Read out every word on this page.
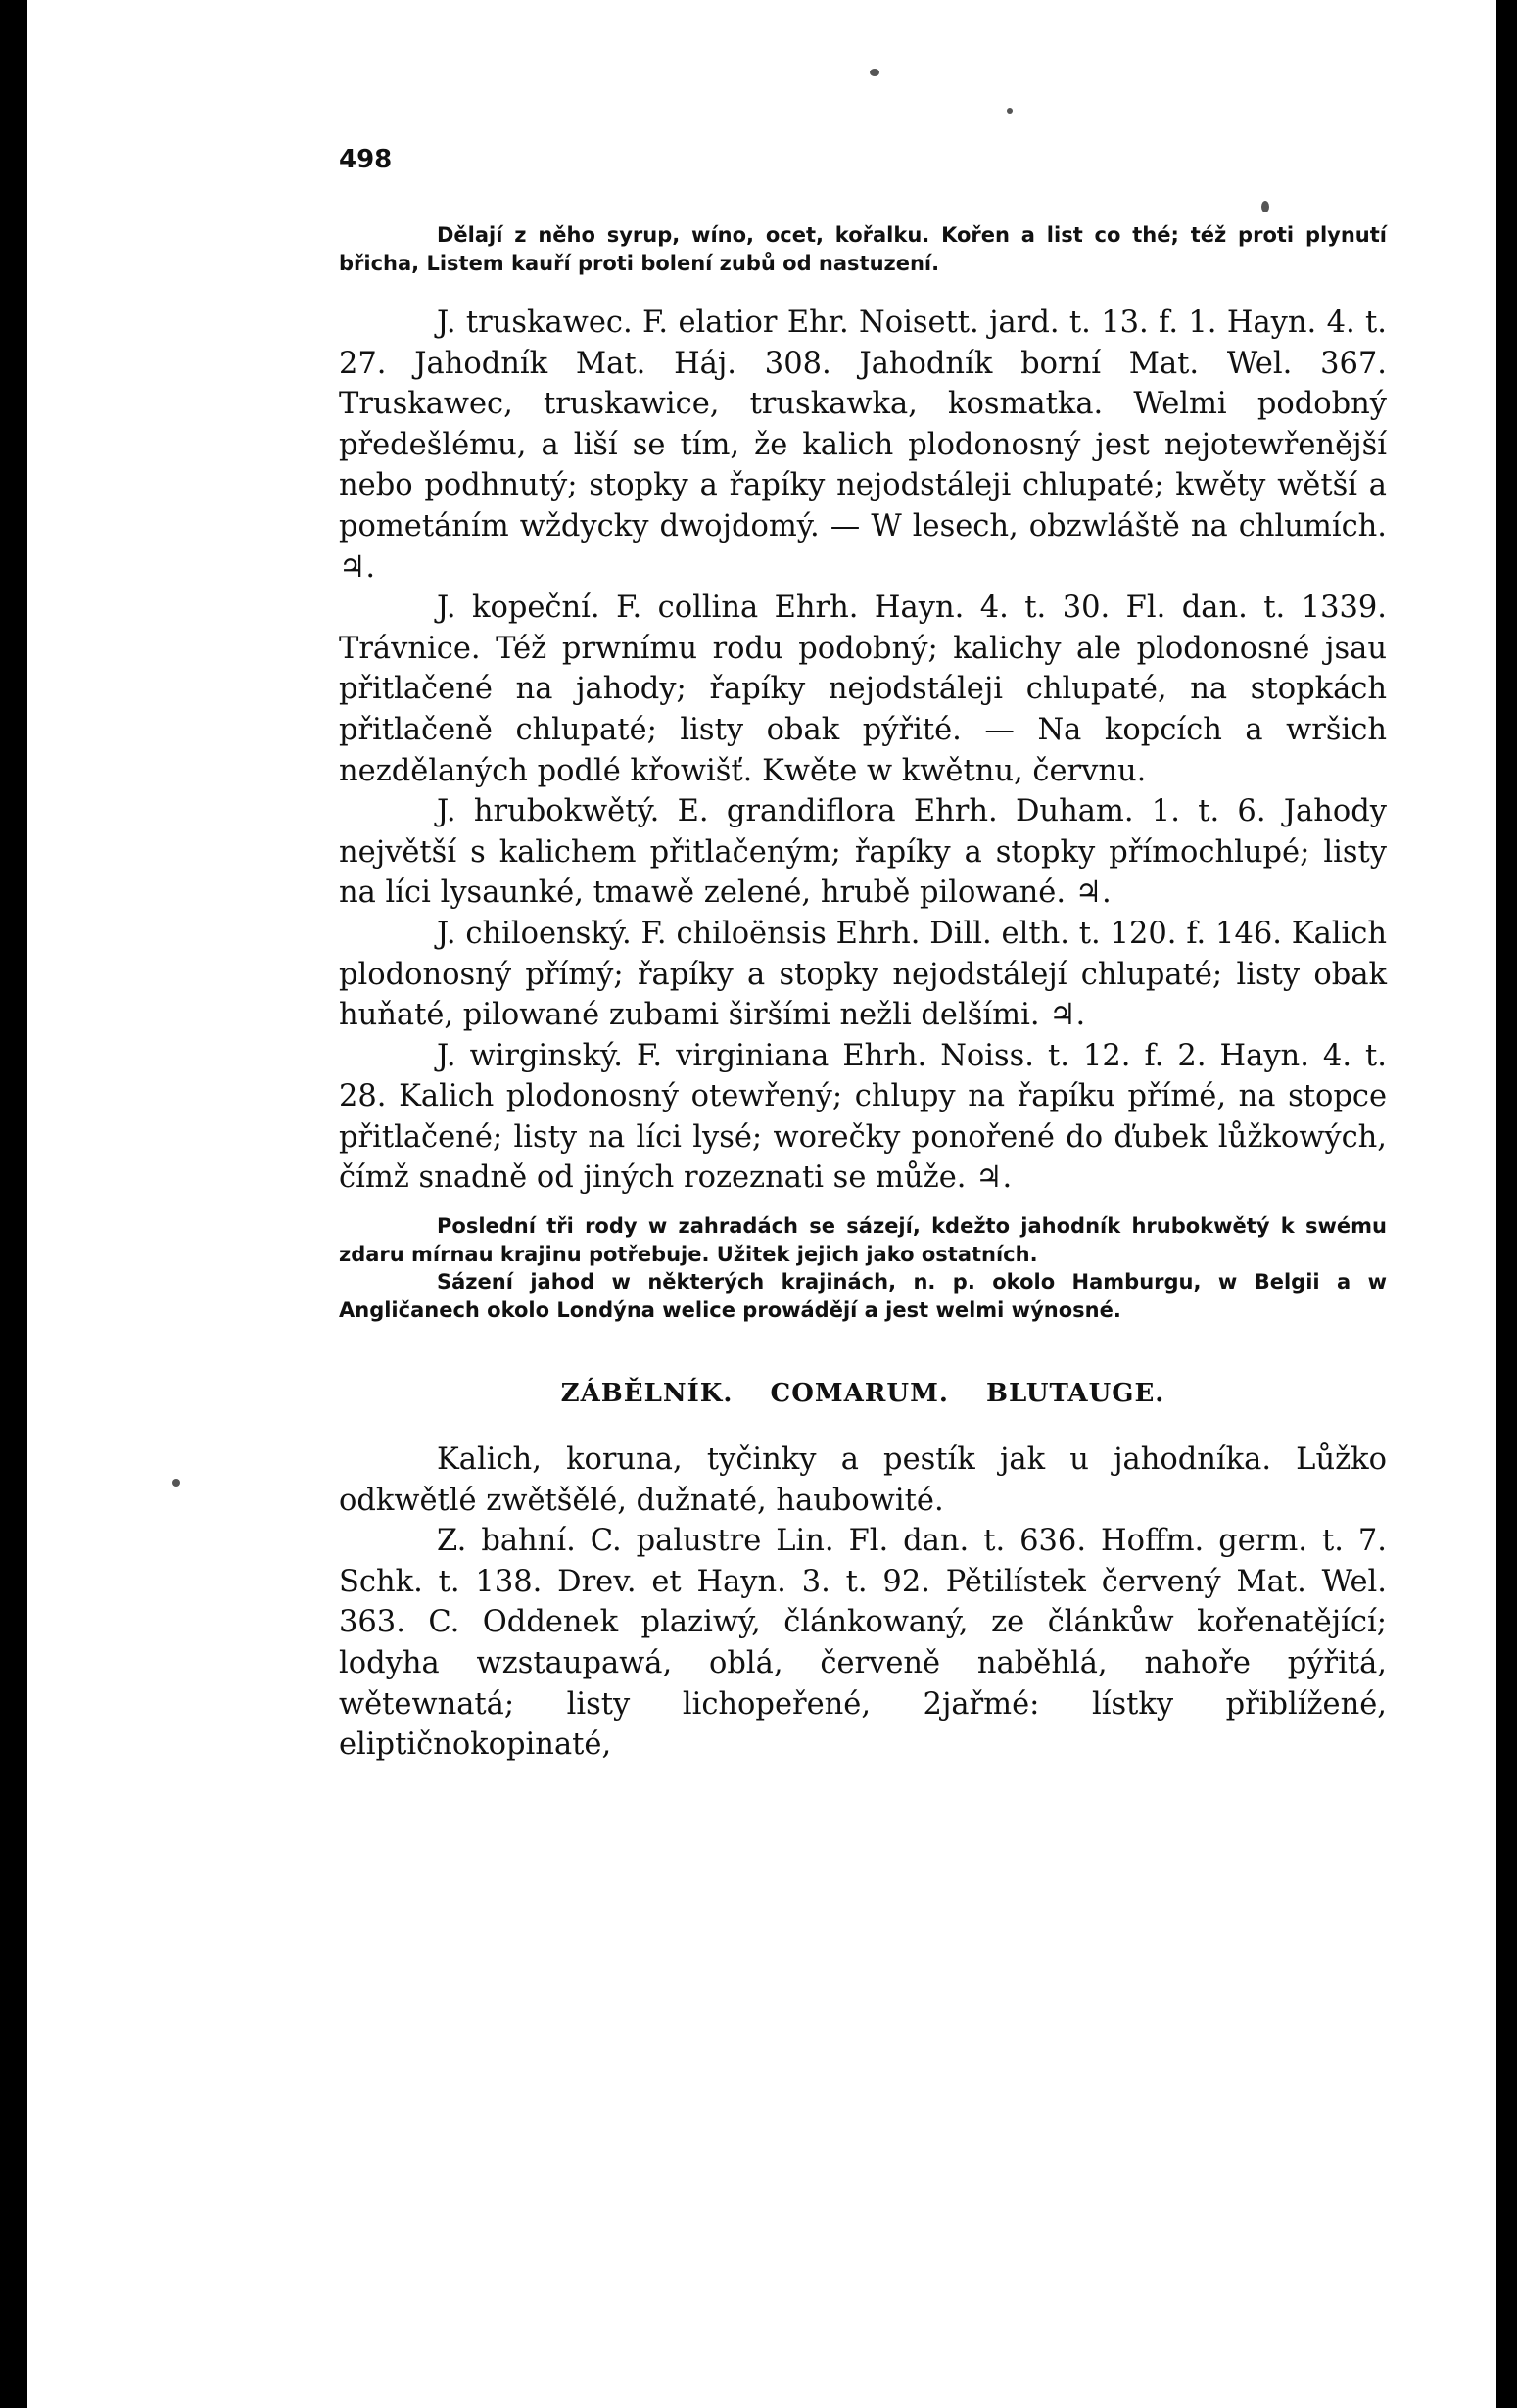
498

Dělají z něho syrup, wíno, ocet, kořalku. Kořen a list co thé; též proti plynutí břicha, Listem kauří proti bolení zubů od nastuzení.

J. truskawec. F. elatior Ehr. Noisett. jard. t. 13. f. 1. Hayn. 4. t. 27. Jahodník Mat. Háj. 308. Jahodník borní Mat. Wel. 367. Truskawec, truskawice, truskawka, kosmatka. Welmi podobný předešlému, a liší se tím, že kalich plodonosný jest nejotewřenější nebo podhnutý; stopky a řapíky nejodstáleji chlupaté; kwěty wětší a pometáním wždycky dwojdomý. — W lesech, obzwláště na chlumích. ♃.

J. kopeční. F. collina Ehrh. Hayn. 4. t. 30. Fl. dan. t. 1339. Trávnice. Též prwnímu rodu podobný; kalichy ale plodonosné jsau přitlačené na jahody; řapíky nejodstáleji chlupaté, na stopkách přitlačeně chlupaté; listy obak pýřité. — Na kopcích a wršich nezdělaných podlé křowišť. Kwěte w kwětnu, červnu.

J. hrubokwětý. E. grandiflora Ehrh. Duham. 1. t. 6. Jahody největší s kalichem přitlačeným; řapíky a stopky přímochlupé; listy na líci lysaunké, tmawě zelené, hrubě pilowané. ♃.

J. chiloenský. F. chiloënsis Ehrh. Dill. elth. t. 120. f. 146. Kalich plodonosný přímý; řapíky a stopky nejodstálejí chlupaté; listy obak huňaté, pilowané zubami širšími nežli delšími. ♃.

J. wirginský. F. virginiana Ehrh. Noiss. t. 12. f. 2. Hayn. 4. t. 28. Kalich plodonosný otewřený; chlupy na řapíku přímé, na stopce přitlačené; listy na líci lysé; worečky ponořené do ďubek lůžkowých, čímž snadně od jiných rozeznati se může. ♃.

Poslední tři rody w zahradách se sázejí, kdežto jahodník hrubokwětý k swému zdaru mírnau krajinu potřebuje. Užitek jejich jako ostatních.

Sázení jahod w některých krajinách, n. p. okolo Hamburgu, w Belgii a w Angličanech okolo Londýna welice prowádějí a jest welmi wýnosné.

ZÁBĚLNÍK. COMARUM. BLUTAUGE.

Kalich, koruna, tyčinky a pestík jak u jahodníka. Lůžko odkwětlé zwětšělé, dužnaté, haubowité.

Z. bahní. C. palustre Lin. Fl. dan. t. 636. Hoffm. germ. t. 7. Schk. t. 138. Drev. et Hayn. 3. t. 92. Pětilístek červený Mat. Wel. 363. C. Oddenek plaziwý, článkowaný, ze článkůw kořenatějící; lodyha wzstaupawá, oblá, červeně naběhlá, nahoře pýřitá, wětewnatá; listy lichopeřené, 2jařmé: lístky přiblížené, eliptičnokopinaté,
